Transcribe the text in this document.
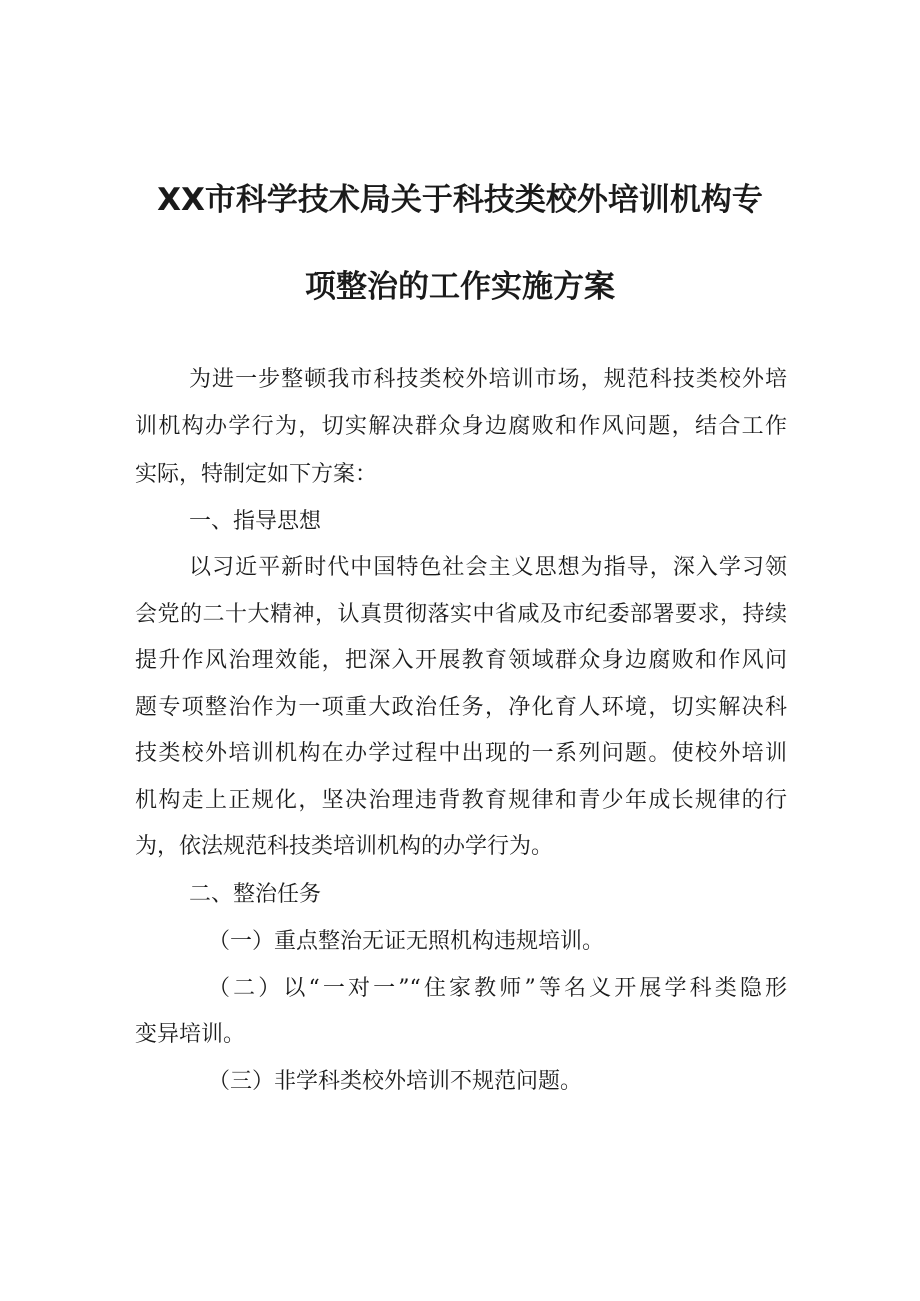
XX市科学技术局关于科技类校外培训机构专
项整治的工作实施方案
为进一步整顿我市科技类校外培训市场，规范科技类校外培
训机构办学行为，切实解决群众身边腐败和作风问题，结合工作
实际，特制定如下方案：
一、指导思想
以习近平新时代中国特色社会主义思想为指导，深入学习领
会党的二十大精神，认真贯彻落实中省咸及市纪委部署要求，持续
提升作风治理效能，把深入开展教育领域群众身边腐败和作风问
题专项整治作为一项重大政治任务，净化育人环境，切实解决科
技类校外培训机构在办学过程中出现的一系列问题。使校外培训
机构走上正规化，坚决治理违背教育规律和青少年成长规律的行
为，依法规范科技类培训机构的办学行为。
二、整治任务
（一）重点整治无证无照机构违规培训。
（二）以“一对一”“住家教师”等名义开展学科类隐形
变异培训。
（三）非学科类校外培训不规范问题。
